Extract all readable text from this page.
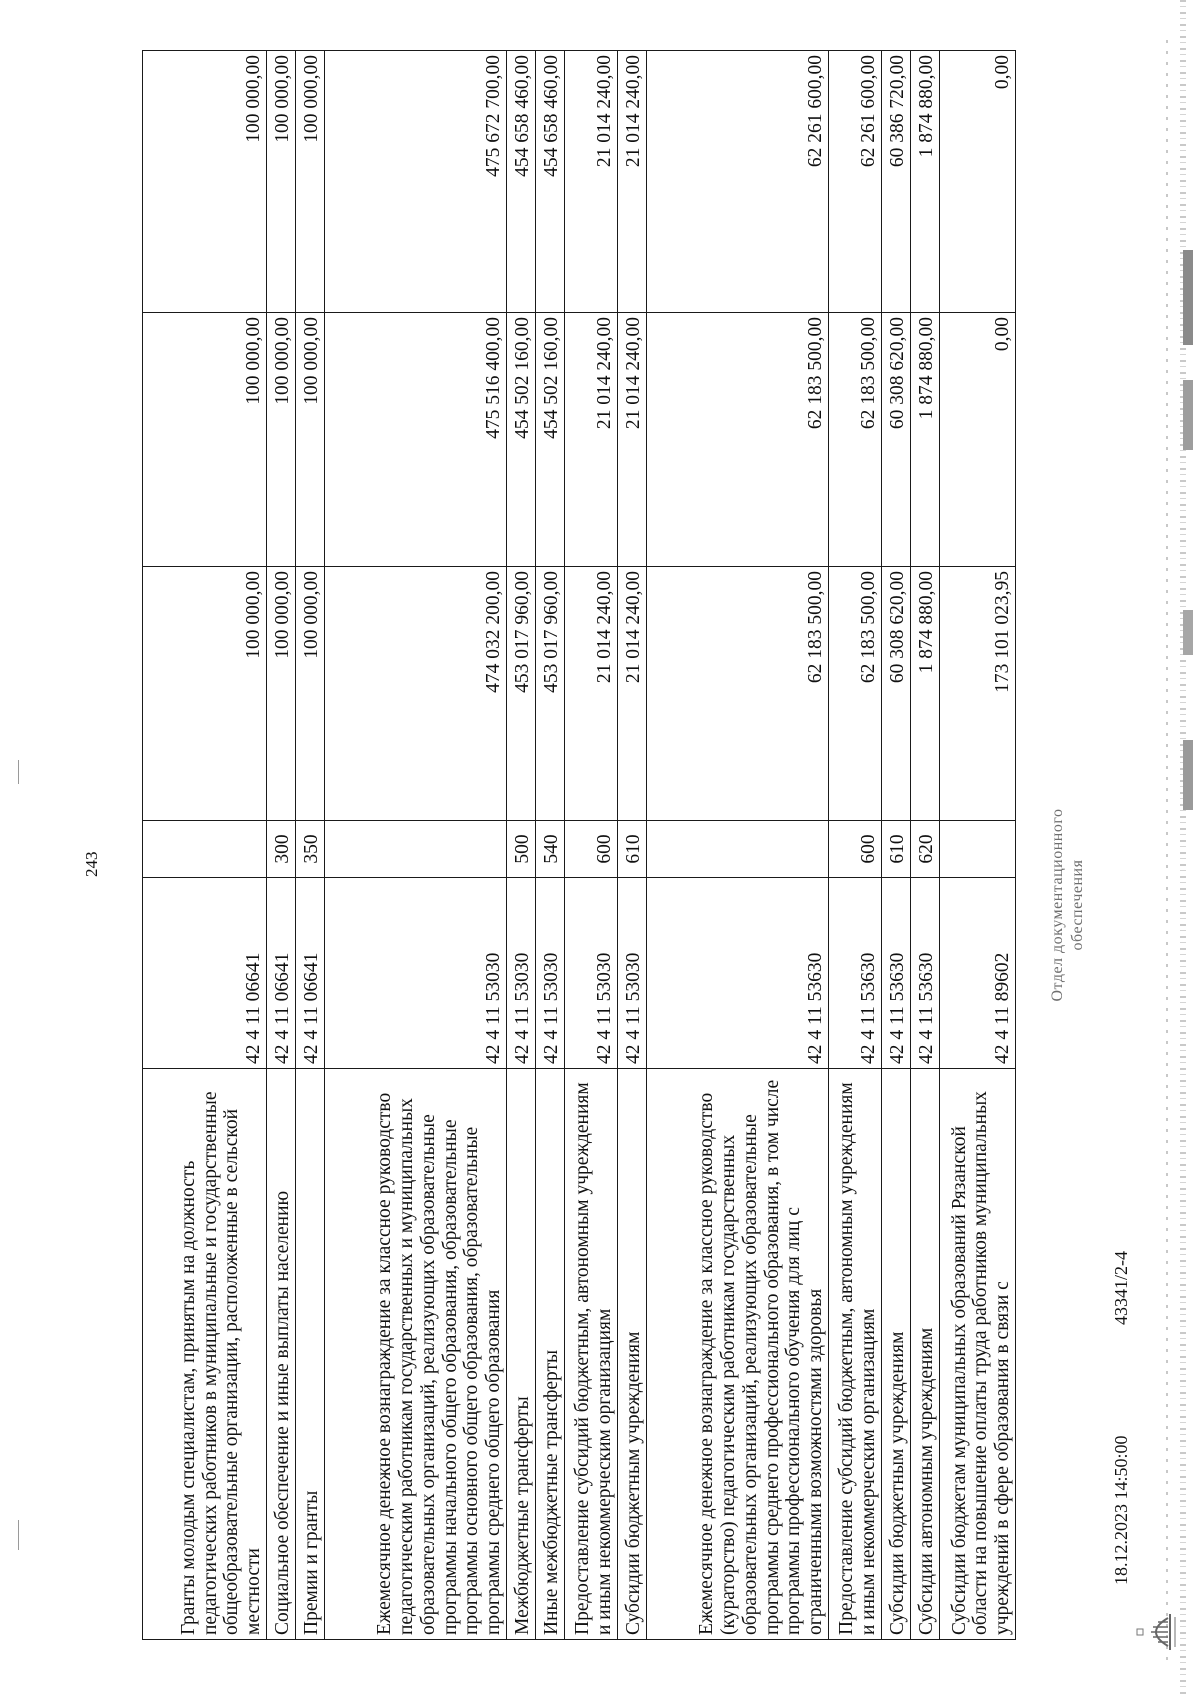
243
Гранты молодым специалистам, принятым на должность педагогических работников в муниципальные и государственные общеобразовательные организации, расположенные в сельской местности	42 4 11 06641		100 000,00	100 000,00	100 000,00
Социальное обеспечение и иные выплаты населению	42 4 11 06641	300	100 000,00	100 000,00	100 000,00
Премии и гранты	42 4 11 06641	350	100 000,00	100 000,00	100 000,00
Ежемесячное денежное вознаграждение за классное руководство педагогическим работникам государственных и муниципальных образовательных организаций, реализующих образовательные программы начального общего образования, образовательные программы основного общего образования, образовательные программы среднего общего образования	42 4 11 53030		474 032 200,00	475 516 400,00	475 672 700,00
Межбюджетные трансферты	42 4 11 53030	500	453 017 960,00	454 502 160,00	454 658 460,00
Иные межбюджетные трансферты	42 4 11 53030	540	453 017 960,00	454 502 160,00	454 658 460,00
Предоставление субсидий бюджетным, автономным учреждениям и иным некоммерческим организациям	42 4 11 53030	600	21 014 240,00	21 014 240,00	21 014 240,00
Субсидии бюджетным учреждениям	42 4 11 53030	610	21 014 240,00	21 014 240,00	21 014 240,00
Ежемесячное денежное вознаграждение за классное руководство (кураторство) педагогическим работникам государственных образовательных организаций, реализующих образовательные программы среднего профессионального образования, в том числе программы профессионального обучения для лиц с ограниченными возможностями здоровья	42 4 11 53630		62 183 500,00	62 183 500,00	62 261 600,00
Предоставление субсидий бюджетным, автономным учреждениям и иным некоммерческим организациям	42 4 11 53630	600	62 183 500,00	62 183 500,00	62 261 600,00
Субсидии бюджетным учреждениям	42 4 11 53630	610	60 308 620,00	60 308 620,00	60 386 720,00
Субсидии автономным учреждениям	42 4 11 53630	620	1 874 880,00	1 874 880,00	1 874 880,00
Субсидии бюджетам муниципальных образований Рязанской области на повышение оплаты труда работников муниципальных учреждений в сфере образования в связи с	42 4 11 89602		173 101 023,95	0,00	0,00
18.12.2023 14:50:00
43341/2-4
Отдел документационного обеспечения
